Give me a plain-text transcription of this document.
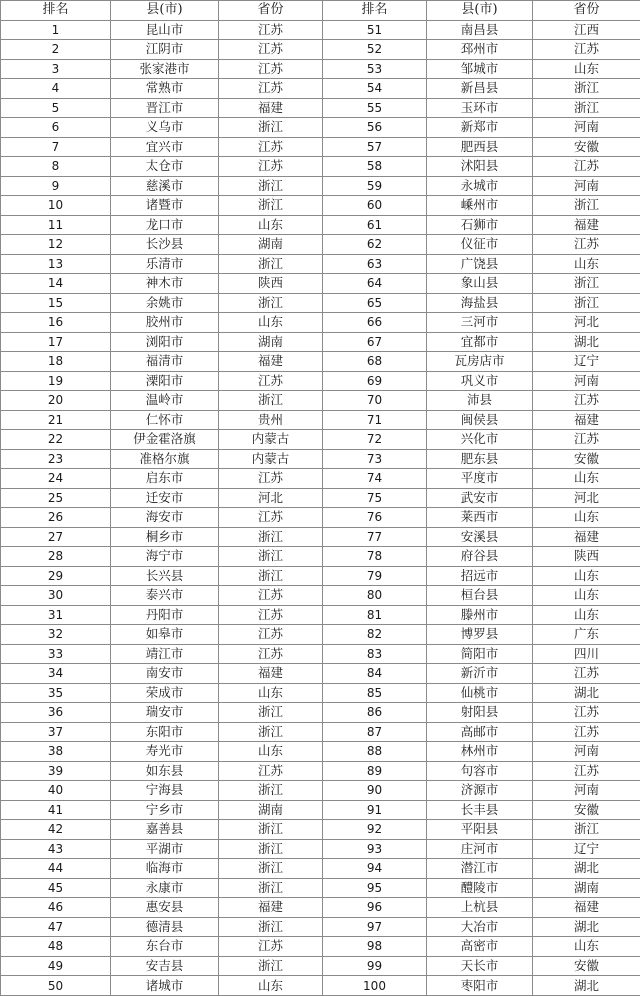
排名	县(市)	省份	排名	县(市)	省份
1	昆山市	江苏	51	南昌县	江西
2	江阴市	江苏	52	邳州市	江苏
3	张家港市	江苏	53	邹城市	山东
4	常熟市	江苏	54	新昌县	浙江
5	晋江市	福建	55	玉环市	浙江
6	义乌市	浙江	56	新郑市	河南
7	宜兴市	江苏	57	肥西县	安徽
8	太仓市	江苏	58	沭阳县	江苏
9	慈溪市	浙江	59	永城市	河南
10	诸暨市	浙江	60	嵊州市	浙江
11	龙口市	山东	61	石狮市	福建
12	长沙县	湖南	62	仪征市	江苏
13	乐清市	浙江	63	广饶县	山东
14	神木市	陕西	64	象山县	浙江
15	余姚市	浙江	65	海盐县	浙江
16	胶州市	山东	66	三河市	河北
17	浏阳市	湖南	67	宜都市	湖北
18	福清市	福建	68	瓦房店市	辽宁
19	溧阳市	江苏	69	巩义市	河南
20	温岭市	浙江	70	沛县	江苏
21	仁怀市	贵州	71	闽侯县	福建
22	伊金霍洛旗	内蒙古	72	兴化市	江苏
23	准格尔旗	内蒙古	73	肥东县	安徽
24	启东市	江苏	74	平度市	山东
25	迁安市	河北	75	武安市	河北
26	海安市	江苏	76	莱西市	山东
27	桐乡市	浙江	77	安溪县	福建
28	海宁市	浙江	78	府谷县	陕西
29	长兴县	浙江	79	招远市	山东
30	泰兴市	江苏	80	桓台县	山东
31	丹阳市	江苏	81	滕州市	山东
32	如皋市	江苏	82	博罗县	广东
33	靖江市	江苏	83	简阳市	四川
34	南安市	福建	84	新沂市	江苏
35	荣成市	山东	85	仙桃市	湖北
36	瑞安市	浙江	86	射阳县	江苏
37	东阳市	浙江	87	高邮市	江苏
38	寿光市	山东	88	林州市	河南
39	如东县	江苏	89	句容市	江苏
40	宁海县	浙江	90	济源市	河南
41	宁乡市	湖南	91	长丰县	安徽
42	嘉善县	浙江	92	平阳县	浙江
43	平湖市	浙江	93	庄河市	辽宁
44	临海市	浙江	94	潜江市	湖北
45	永康市	浙江	95	醴陵市	湖南
46	惠安县	福建	96	上杭县	福建
47	德清县	浙江	97	大冶市	湖北
48	东台市	江苏	98	高密市	山东
49	安吉县	浙江	99	天长市	安徽
50	诸城市	山东	100	枣阳市	湖北
